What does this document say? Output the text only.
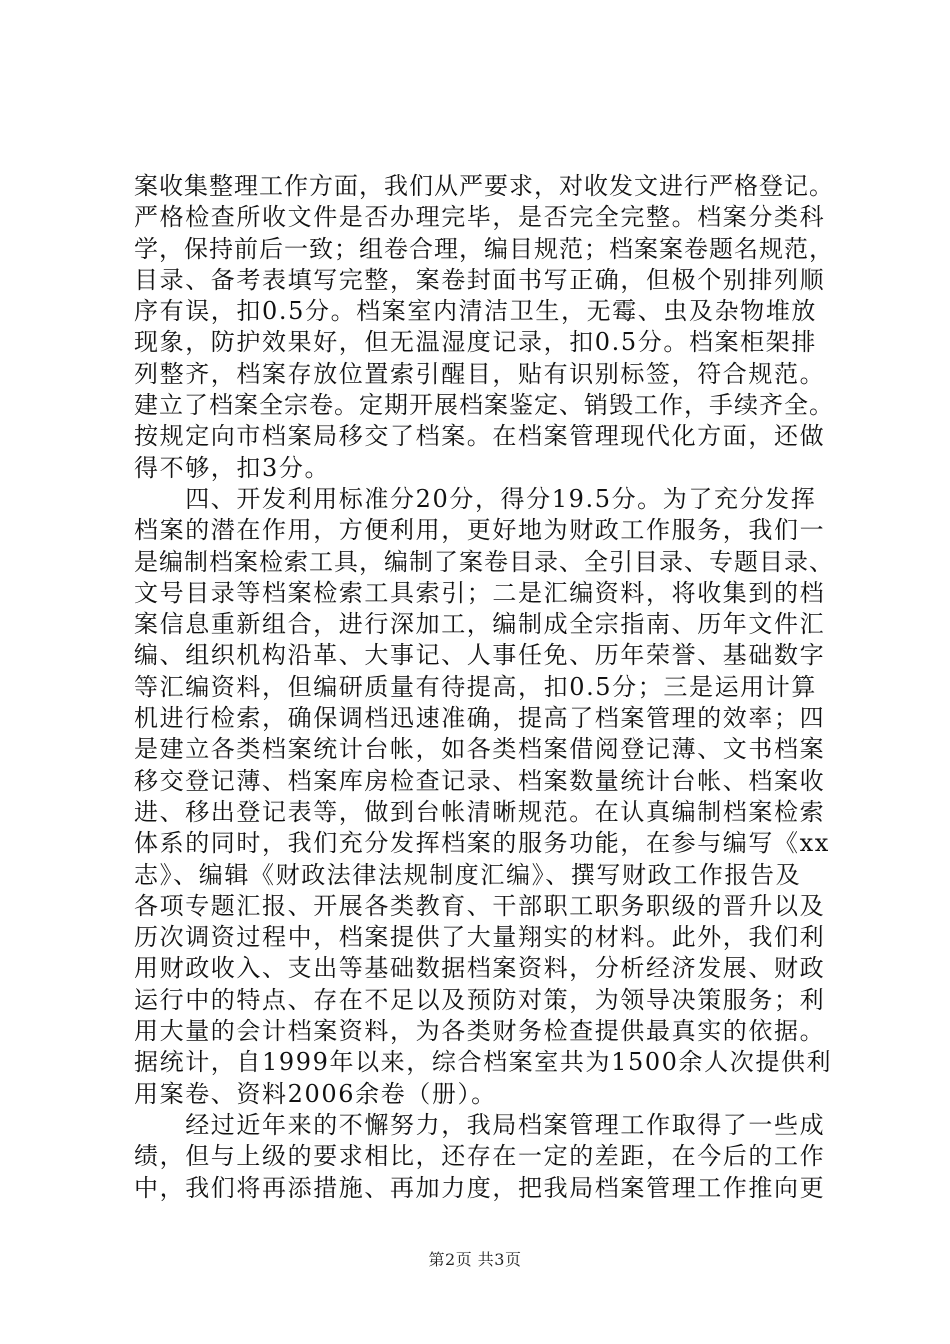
案收集整理工作方面，我们从严要求，对收发文进行严格登记。
严格检查所收文件是否办理完毕，是否完全完整。档案分类科
学，保持前后一致；组卷合理，编目规范；档案案卷题名规范，
目录、备考表填写完整，案卷封面书写正确，但极个别排列顺
序有误，扣0.5分。档案室内清洁卫生，无霉、虫及杂物堆放
现象，防护效果好，但无温湿度记录，扣0.5分。档案柜架排
列整齐，档案存放位置索引醒目，贴有识别标签，符合规范。
建立了档案全宗卷。定期开展档案鉴定、销毁工作，手续齐全。
按规定向市档案局移交了档案。在档案管理现代化方面，还做
得不够，扣3分。
　　四、开发利用标准分20分，得分19.5分。为了充分发挥
档案的潜在作用，方便利用，更好地为财政工作服务，我们一
是编制档案检索工具，编制了案卷目录、全引目录、专题目录、
文号目录等档案检索工具索引；二是汇编资料，将收集到的档
案信息重新组合，进行深加工，编制成全宗指南、历年文件汇
编、组织机构沿革、大事记、人事任免、历年荣誉、基础数字
等汇编资料，但编研质量有待提高，扣0.5分；三是运用计算
机进行检索，确保调档迅速准确，提高了档案管理的效率；四
是建立各类档案统计台帐，如各类档案借阅登记薄、文书档案
移交登记薄、档案库房检查记录、档案数量统计台帐、档案收
进、移出登记表等，做到台帐清晰规范。在认真编制档案检索
体系的同时，我们充分发挥档案的服务功能，在参与编写《xx
志》、编辑《财政法律法规制度汇编》、撰写财政工作报告及
各项专题汇报、开展各类教育、干部职工职务职级的晋升以及
历次调资过程中，档案提供了大量翔实的材料。此外，我们利
用财政收入、支出等基础数据档案资料，分析经济发展、财政
运行中的特点、存在不足以及预防对策，为领导决策服务；利
用大量的会计档案资料，为各类财务检查提供最真实的依据。
据统计，自1999年以来，综合档案室共为1500余人次提供利
用案卷、资料2006余卷（册）。
　　经过近年来的不懈努力，我局档案管理工作取得了一些成
绩，但与上级的要求相比，还存在一定的差距，在今后的工作
中，我们将再添措施、再加力度，把我局档案管理工作推向更
第2页 共3页
